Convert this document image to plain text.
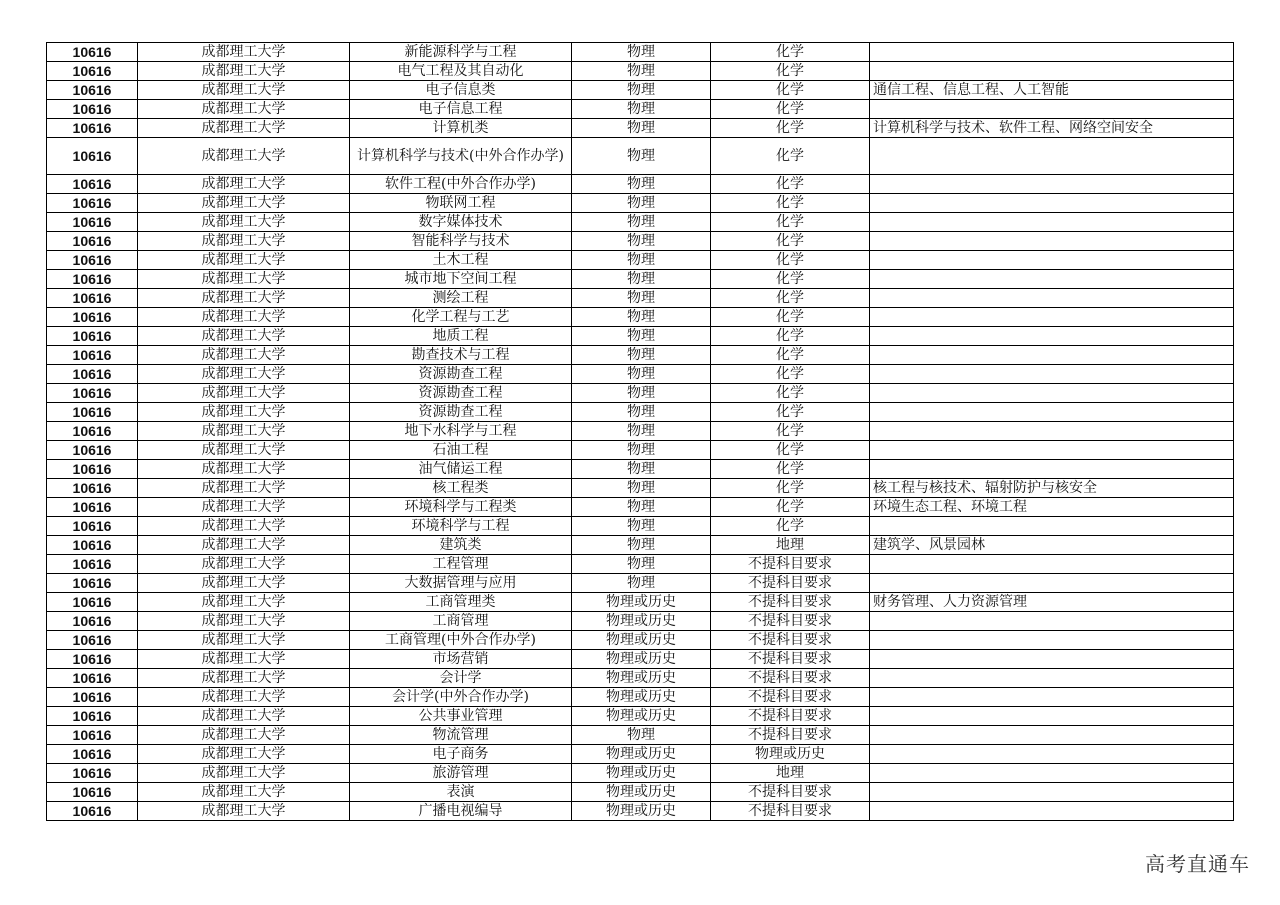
10616	成都理工大学	新能源科学与工程	物理	化学	
10616	成都理工大学	电气工程及其自动化	物理	化学	
10616	成都理工大学	电子信息类	物理	化学	通信工程、信息工程、人工智能
10616	成都理工大学	电子信息工程	物理	化学	
10616	成都理工大学	计算机类	物理	化学	计算机科学与技术、软件工程、网络空间安全
10616	成都理工大学	计算机科学与技术(中外合作办学)	物理	化学	
10616	成都理工大学	软件工程(中外合作办学)	物理	化学	
10616	成都理工大学	物联网工程	物理	化学	
10616	成都理工大学	数字媒体技术	物理	化学	
10616	成都理工大学	智能科学与技术	物理	化学	
10616	成都理工大学	土木工程	物理	化学	
10616	成都理工大学	城市地下空间工程	物理	化学	
10616	成都理工大学	测绘工程	物理	化学	
10616	成都理工大学	化学工程与工艺	物理	化学	
10616	成都理工大学	地质工程	物理	化学	
10616	成都理工大学	勘查技术与工程	物理	化学	
10616	成都理工大学	资源勘查工程	物理	化学	
10616	成都理工大学	资源勘查工程	物理	化学	
10616	成都理工大学	资源勘查工程	物理	化学	
10616	成都理工大学	地下水科学与工程	物理	化学	
10616	成都理工大学	石油工程	物理	化学	
10616	成都理工大学	油气储运工程	物理	化学	
10616	成都理工大学	核工程类	物理	化学	核工程与核技术、辐射防护与核安全
10616	成都理工大学	环境科学与工程类	物理	化学	环境生态工程、环境工程
10616	成都理工大学	环境科学与工程	物理	化学	
10616	成都理工大学	建筑类	物理	地理	建筑学、风景园林
10616	成都理工大学	工程管理	物理	不提科目要求	
10616	成都理工大学	大数据管理与应用	物理	不提科目要求	
10616	成都理工大学	工商管理类	物理或历史	不提科目要求	财务管理、人力资源管理
10616	成都理工大学	工商管理	物理或历史	不提科目要求	
10616	成都理工大学	工商管理(中外合作办学)	物理或历史	不提科目要求	
10616	成都理工大学	市场营销	物理或历史	不提科目要求	
10616	成都理工大学	会计学	物理或历史	不提科目要求	
10616	成都理工大学	会计学(中外合作办学)	物理或历史	不提科目要求	
10616	成都理工大学	公共事业管理	物理或历史	不提科目要求	
10616	成都理工大学	物流管理	物理	不提科目要求	
10616	成都理工大学	电子商务	物理或历史	物理或历史	
10616	成都理工大学	旅游管理	物理或历史	地理	
10616	成都理工大学	表演	物理或历史	不提科目要求	
10616	成都理工大学	广播电视编导	物理或历史	不提科目要求	
高考直通车
